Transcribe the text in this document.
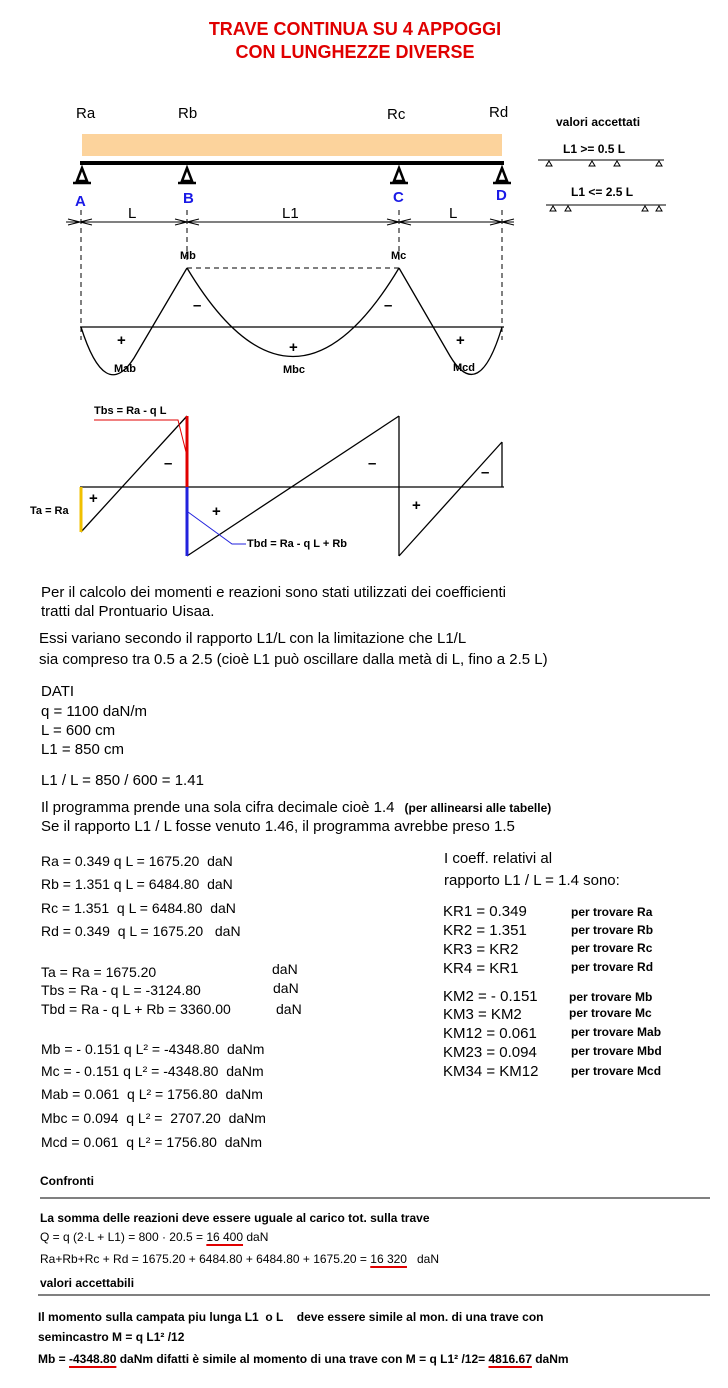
TRAVE CONTINUA SU 4 APPOGGI
CON LUNGHEZZE DIVERSE
Ra	Rb	Rc	Rd
A	B	C	D
L	L1	L
valori accettati
L1 >= 0.5 L
L1 <= 2.5 L
Mb	Mc
Mab	Mbc	Mcd
–	–
+	+	+
Tbs = Ra - q L
Ta = Ra
Tbd = Ra - q L + Rb
–	–
–
+
+	+
Per il calcolo dei momenti e reazioni sono stati utilizzati dei coefficienti
tratti dal Prontuario Uisaa.
Essi variano secondo il rapporto L1/L con la limitazione che L1/L
sia compreso tra 0.5 a 2.5 (cioè L1 può oscillare dalla metà di L, fino a 2.5 L)
DATI
q = 1100 daN/m
L = 600 cm
L1 = 850 cm
L1 / L = 850 / 600 = 1.41
Il programma prende una sola cifra decimale cioè 1.4 (per allinearsi alle tabelle)
Se il rapporto L1 / L fosse venuto 1.46, il programma avrebbe preso 1.5
Ra = 0.349 q L = 1675.20 daN
Rb = 1.351 q L = 6484.80 daN
Rc = 1.351 q L = 6484.80 daN
Rd = 0.349 q L = 1675.20 daN
Ta = Ra = 1675.20	daN
Tbs = Ra - q L = -3124.80	daN
Tbd = Ra - q L + Rb = 3360.00	daN
Mb = - 0.151 q L² = -4348.80 daNm
Mc = - 0.151 q L² = -4348.80 daNm
Mab = 0.061 q L² = 1756.80 daNm
Mbc = 0.094 q L² = 2707.20 daNm
Mcd = 0.061 q L² = 1756.80 daNm
I coeff. relativi al
rapporto L1 / L = 1.4 sono:
KR1 = 0.349	per trovare Ra
KR2 = 1.351	per trovare Rb
KR3 = KR2	per trovare Rc
KR4 = KR1	per trovare Rd
KM2 = - 0.151	per trovare Mb
KM3 = KM2	per trovare Mc
KM12 = 0.061	per trovare Mab
KM23 = 0.094	per trovare Mbd
KM34 = KM12	per trovare Mcd
Confronti
La somma delle reazioni deve essere uguale al carico tot. sulla trave
Q = q (2·L + L1) = 800 · 20.5 = 16 400 daN
Ra+Rb+Rc + Rd = 1675.20 + 6484.80 + 6484.80 + 1675.20 = 16 320 daN
valori accettabili
Il momento sulla campata piu lunga L1 o L deve essere simile al mon. di una trave con
semincastro M = q L1² /12
Mb = -4348.80 daNm difatti è simile al momento di una trave con M = q L1² /12= 4816.67 daNm
